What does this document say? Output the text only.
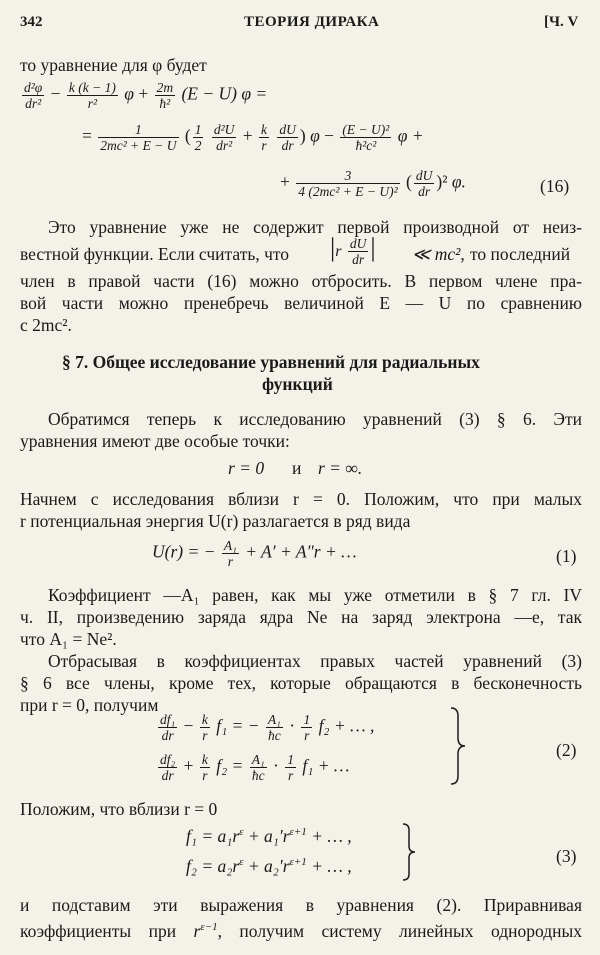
342	ТЕОРИЯ ДИРАКА	[Ч. V
то уравнение для φ будет
$\frac{\text{d²φ}}{\text{dr²}} - \frac{k (k - 1)}{\text{r²}}$ $\varphi + \frac{2m}{\text{ħ²}} (E - U) \varphi$ =
= $\frac{1}{\text{2mc² + E − U}}$ ( $\frac{1}{2}$
$\frac{\text{d²U}}{\text{dr²}} + \frac{k}{r}$
$\frac{dU}{dr}$ ) $\varphi - \frac{\text{(E − U)²}}{\text{ħ²c²}}$ φ +
+ $\frac{3}{\text{4 (2mc² + E − U)²}}$ ( $\frac{dU}{dr} )^2$ φ.	(16)
Это уравнение уже не содержит первой производной от неиз-
вестной функции. Если считать, что $|r \frac{dU}{dr}$ | ≪ mc², то последний
член в правой части (16) можно отбросить. В первом члене пра-
вой части можно пренебречь величиной E — U по сравнению
с 2mc².
§ 7. Общее исследование уравнений для радиальных
функций
Обратимся теперь к исследованию уравнений (3) § 6. Эти
уравнения имеют две особые точки:
r = 0 и r = ∞.
Начнем с исследования вблизи r = 0. Положим, что при малых
r потенциальная энергия U(r) разлагается в ряд вида
U(r) = − $\frac{\text{A₁}}{r} + A' + A''r$ + …	(1)
Коэффициент —A₁ равен, как мы уже отметили в § 7 гл. IV
ч. II, произведению заряда ядра Ne на заряд электрона —e, так
что A₁ = Ne².
Отбрасывая в коэффициентах правых частей уравнений (3)
§ 6 все члены, кроме тех, которые обращаются в бесконечность
при r = 0, получим
$\frac{\text{df₁}}{dr} - \frac{k}{r} f_1$ = − $\frac{\text{A₁}}{ħc} \cdot \frac{1}{r} f_2$ + … ,
$\frac{\text{df₂}}{dr} + \frac{k}{r} f_2 = \frac{\text{A₁}}{ħc} \cdot \frac{1}{r} f_1$ + …
(2)
Положим, что вблизи r = 0
$f_1 = a_1r^\varepsilon + a_1'r^{\varepsilon+1}$ + … ,
$f_2 = a_2r^\varepsilon + a_2'r^{\varepsilon+1}$ + … ,	(3)
и подставим эти выражения в уравнения (2). Приравнивая
коэффициенты при $r^{\varepsilon-1}$, получим систему линейных однородных
